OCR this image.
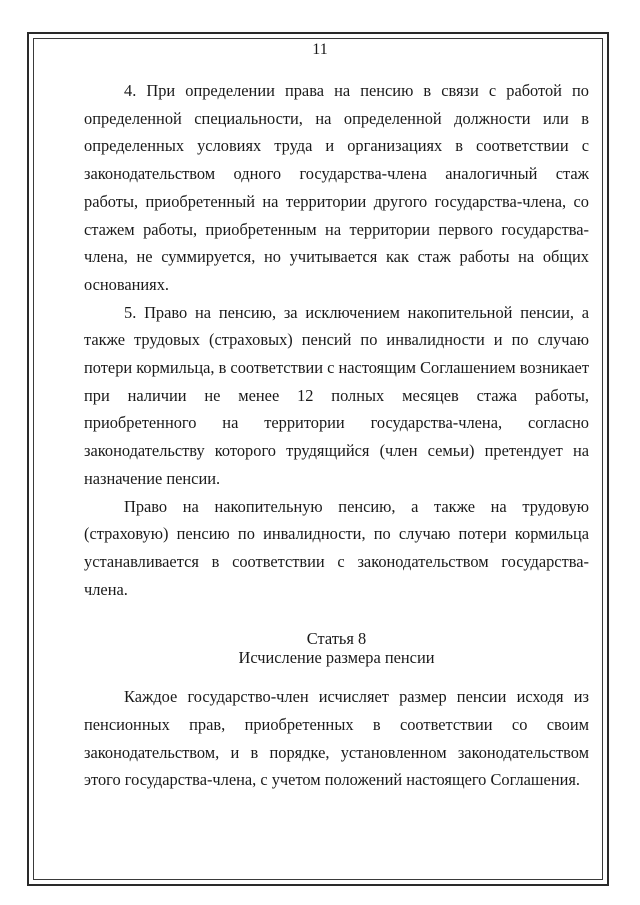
11

4. При определении права на пенсию в связи с работой по определенной специальности, на определенной должности или в определенных условиях труда и организациях в соответствии с законодательством одного государства-члена аналогичный стаж работы, приобретенный на территории другого государства-члена, со стажем работы, приобретенным на территории первого государства-члена, не суммируется, но учитывается как стаж работы на общих основаниях.

5. Право на пенсию, за исключением накопительной пенсии, а также трудовых (страховых) пенсий по инвалидности и по случаю потери кормильца, в соответствии с настоящим Соглашением возникает при наличии не менее 12 полных месяцев стажа работы, приобретенного на территории государства-члена, согласно законодательству которого трудящийся (член семьи) претендует на назначение пенсии.

Право на накопительную пенсию, а также на трудовую (страховую) пенсию по инвалидности, по случаю потери кормильца устанавливается в соответствии с законодательством государства-члена.

Статья 8
Исчисление размера пенсии

Каждое государство-член исчисляет размер пенсии исходя из пенсионных прав, приобретенных в соответствии со своим законодательством, и в порядке, установленном законодательством этого государства-члена, с учетом положений настоящего Соглашения.
